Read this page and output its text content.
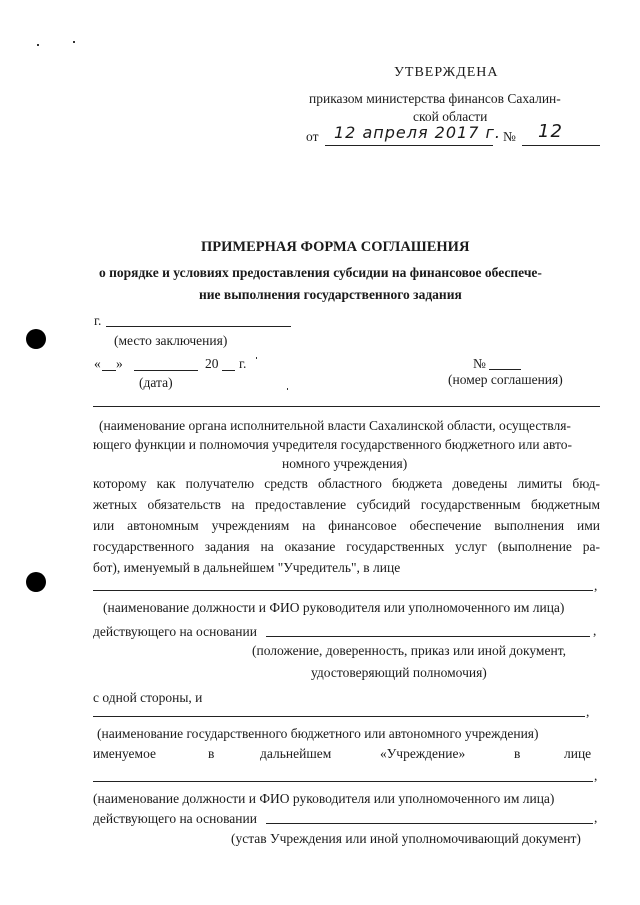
УТВЕРЖДЕНА
приказом министерства финансов Сахалин-
ской области
от 12 апреля 2017 г. № 12
ПРИМЕРНАЯ ФОРМА СОГЛАШЕНИЯ
о порядке и условиях предоставления субсидии на финансовое обеспече-
ние выполнения государственного задания
г.
(место заключения)
« »	20 г.	№
(дата)	(номер соглашения)
(наименование органа исполнительной власти Сахалинской области, осуществля-
ющего функции и полномочия учредителя государственного бюджетного или авто-
номного учреждения)
которому как получателю средств областного бюджета доведены лимиты бюд-
жетных обязательств на предоставление субсидий государственным бюджетным
или автономным учреждениям на финансовое обеспечение выполнения ими
государственного задания на оказание государственных услуг (выполнение ра-
бот), именуемый в дальнейшем "Учредитель", в лице
,
(наименование должности и ФИО руководителя или уполномоченного им лица)
действующего на основании	,
(положение, доверенность, приказ или иной документ,
удостоверяющий полномочия)
с одной стороны, и
,
(наименование государственного бюджетного или автономного учреждения)
именуемое	в	дальнейшем	«Учреждение»	в	лице
,
(наименование должности и ФИО руководителя или уполномоченного им лица)
действующего на основании	,
(устав Учреждения или иной уполномочивающий документ)
